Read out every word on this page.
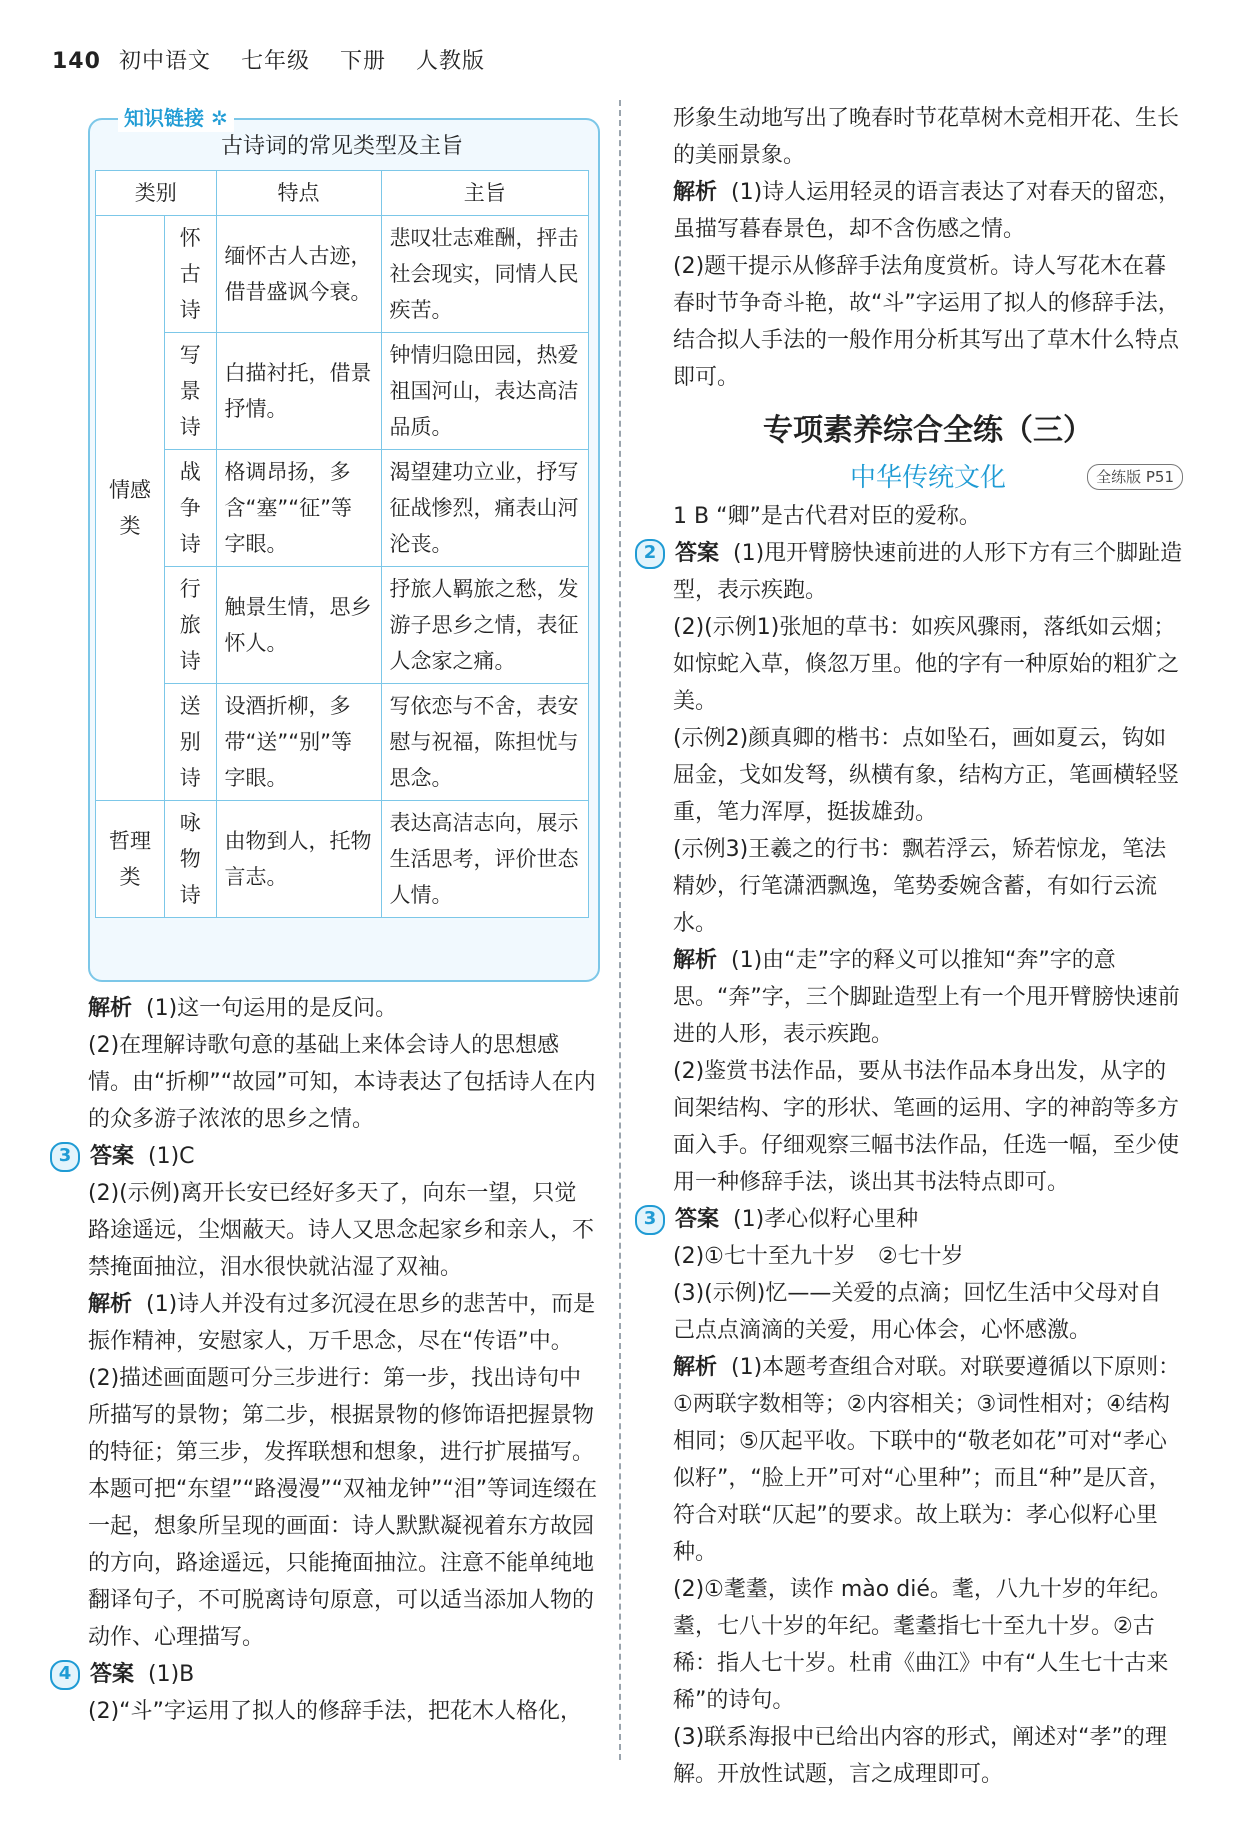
140 初中语文 七年级 下册 人教版
知识链接 ✲
古诗词的常见类型及主旨
类别		特点	主旨
情感类	怀古诗	缅怀古人古迹，借昔盛讽今衰。	悲叹壮志难酬，抨击社会现实，同情人民疾苦。
	写景诗	白描衬托，借景抒情。	钟情归隐田园，热爱祖国河山，表达高洁品质。
	战争诗	格调昂扬，多含“塞”“征”等字眼。	渴望建功立业，抒写征战惨烈，痛表山河沦丧。
	行旅诗	触景生情，思乡怀人。	抒旅人羁旅之愁，发游子思乡之情，表征人念家之痛。
	送别诗	设酒折柳，多带“送”“别”等字眼。	写依恋与不舍，表安慰与祝福，陈担忧与思念。
哲理类	咏物诗	由物到人，托物言志。	表达高洁志向，展示生活思考，评价世态人情。

解析 (1)这一句运用的是反问。

(2)在理解诗歌句意的基础上来体会诗人的思想感情。由“折柳”“故园”可知，本诗表达了包括诗人在内的众多游子浓浓的思乡之情。

3 答案 (1)C

(2)(示例)离开长安已经好多天了，向东一望，只觉路途遥远，尘烟蔽天。诗人又思念起家乡和亲人，不禁掩面抽泣，泪水很快就沾湿了双袖。

解析 (1)诗人并没有过多沉浸在思乡的悲苦中，而是振作精神，安慰家人，万千思念，尽在“传语”中。

(2)描述画面题可分三步进行：第一步，找出诗句中所描写的景物；第二步，根据景物的修饰语把握景物的特征；第三步，发挥联想和想象，进行扩展描写。本题可把“东望”“路漫漫”“双袖龙钟”“泪”等词连缀在一起，想象所呈现的画面：诗人默默凝视着东方故园的方向，路途遥远，只能掩面抽泣。注意不能单纯地翻译句子，不可脱离诗句原意，可以适当添加人物的动作、心理描写。

4 答案 (1)B

(2)“斗”字运用了拟人的修辞手法，把花木人格化，

形象生动地写出了晚春时节花草树木竞相开花、生长的美丽景象。

解析 (1)诗人运用轻灵的语言表达了对春天的留恋，虽描写暮春景色，却不含伤感之情。

(2)题干提示从修辞手法角度赏析。诗人写花木在暮春时节争奇斗艳，故“斗”字运用了拟人的修辞手法，结合拟人手法的一般作用分析其写出了草木什么特点即可。

专项素养综合全练（三）
中华传统文化	全练版 P51

1 B “卿”是古代君对臣的爱称。

2 答案 (1)甩开臂膀快速前进的人形下方有三个脚趾造型，表示疾跑。

(2)(示例1)张旭的草书：如疾风骤雨，落纸如云烟；如惊蛇入草，倏忽万里。他的字有一种原始的粗犷之美。

(示例2)颜真卿的楷书：点如坠石，画如夏云，钩如屈金，戈如发弩，纵横有象，结构方正，笔画横轻竖重，笔力浑厚，挺拔雄劲。

(示例3)王羲之的行书：飘若浮云，矫若惊龙，笔法精妙，行笔潇洒飘逸，笔势委婉含蓄，有如行云流水。

解析 (1)由“走”字的释义可以推知“奔”字的意思。“奔”字，三个脚趾造型上有一个甩开臂膀快速前进的人形，表示疾跑。

(2)鉴赏书法作品，要从书法作品本身出发，从字的间架结构、字的形状、笔画的运用、字的神韵等多方面入手。仔细观察三幅书法作品，任选一幅，至少使用一种修辞手法，谈出其书法特点即可。

3 答案 (1)孝心似籽心里种

(2)①七十至九十岁　②七十岁

(3)(示例)忆——关爱的点滴；回忆生活中父母对自己点点滴滴的关爱，用心体会，心怀感激。

解析 (1)本题考查组合对联。对联要遵循以下原则：①两联字数相等；②内容相关；③词性相对；④结构相同；⑤仄起平收。下联中的“敬老如花”可对“孝心似籽”，“脸上开”可对“心里种”；而且“种”是仄音，符合对联“仄起”的要求。故上联为：孝心似籽心里种。

(2)①耄耋，读作 mào dié。耄，八九十岁的年纪。耋，七八十岁的年纪。耄耋指七十至九十岁。②古稀：指人七十岁。杜甫《曲江》中有“人生七十古来稀”的诗句。

(3)联系海报中已给出内容的形式，阐述对“孝”的理解。开放性试题，言之成理即可。
